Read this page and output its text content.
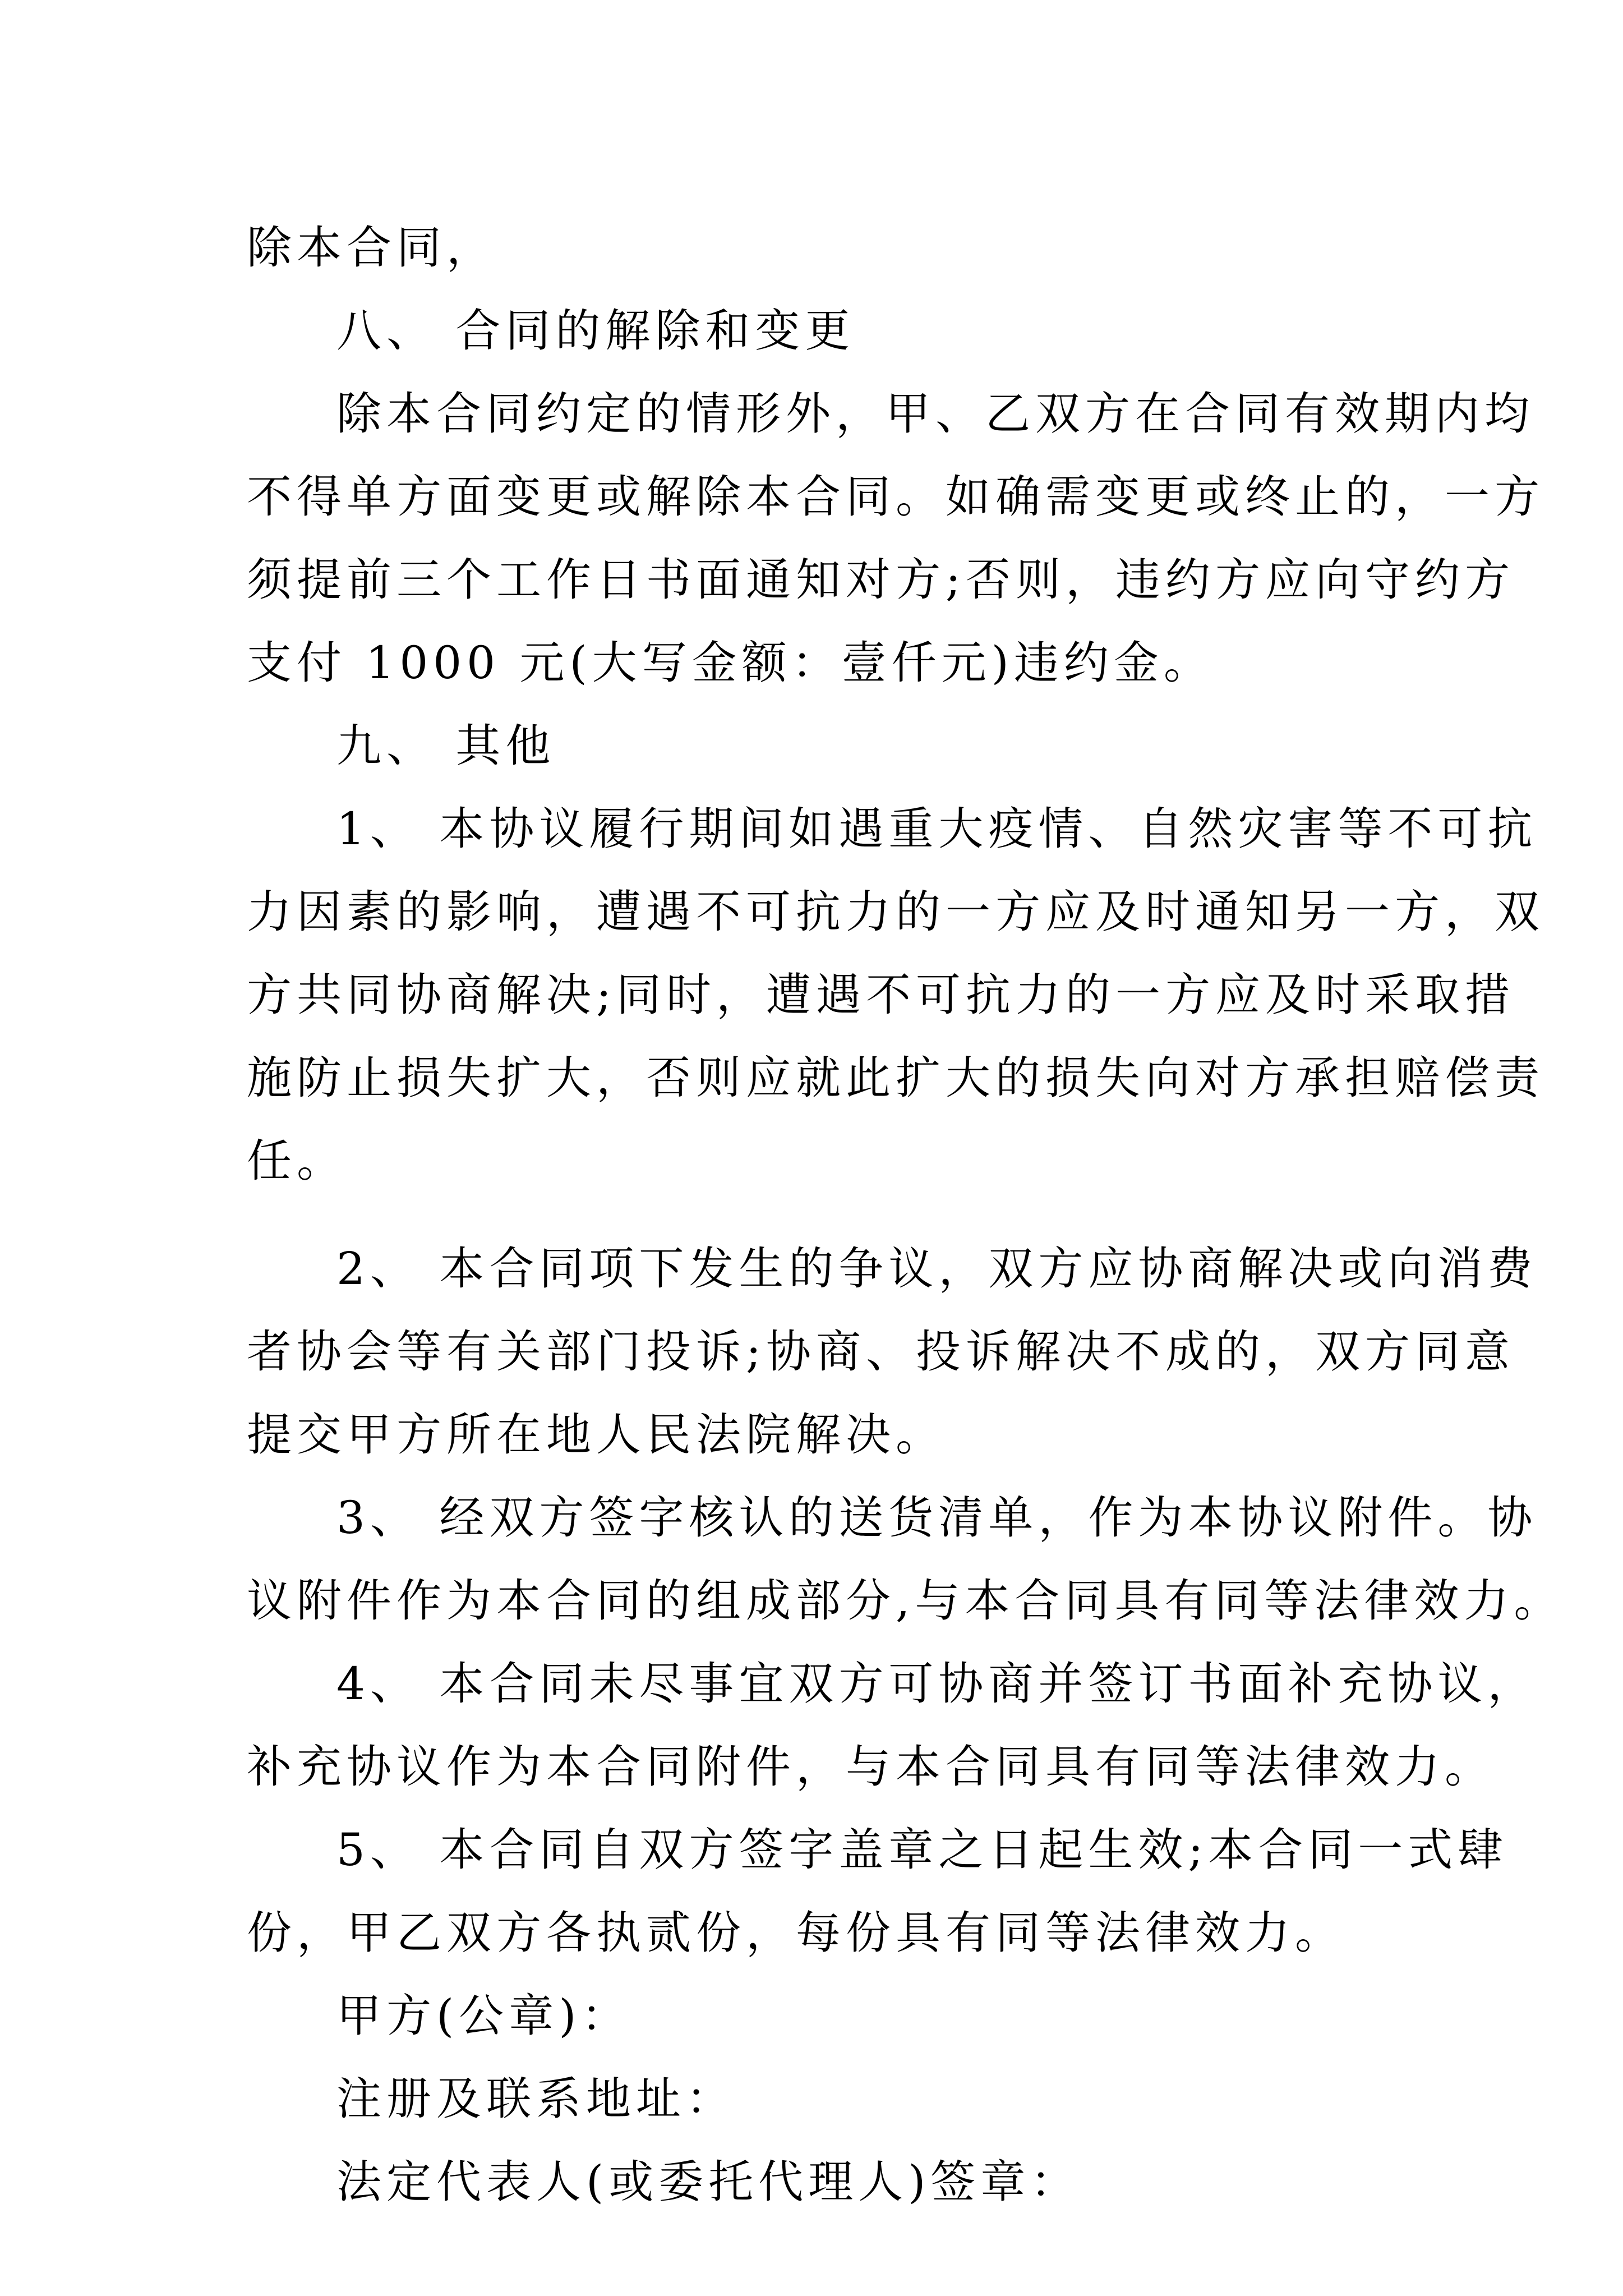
除本合同，
八、 合同的解除和变更
除本合同约定的情形外，甲、乙双方在合同有效期内均
不得单方面变更或解除本合同。如确需变更或终止的，一方
须提前三个工作日书面通知对方;否则，违约方应向守约方
支付 1000 元(大写金额：壹仟元)违约金。
九、 其他
1、 本协议履行期间如遇重大疫情、自然灾害等不可抗
力因素的影响，遭遇不可抗力的一方应及时通知另一方，双
方共同协商解决;同时，遭遇不可抗力的一方应及时采取措
施防止损失扩大，否则应就此扩大的损失向对方承担赔偿责
任。
2、 本合同项下发生的争议，双方应协商解决或向消费
者协会等有关部门投诉;协商、投诉解决不成的，双方同意
提交甲方所在地人民法院解决。
3、 经双方签字核认的送货清单，作为本协议附件。协
议附件作为本合同的组成部分,与本合同具有同等法律效力。
4、 本合同未尽事宜双方可协商并签订书面补充协议，
补充协议作为本合同附件，与本合同具有同等法律效力。
5、 本合同自双方签字盖章之日起生效;本合同一式肆
份，甲乙双方各执贰份，每份具有同等法律效力。
甲方(公章)：
注册及联系地址：
法定代表人(或委托代理人)签章：
